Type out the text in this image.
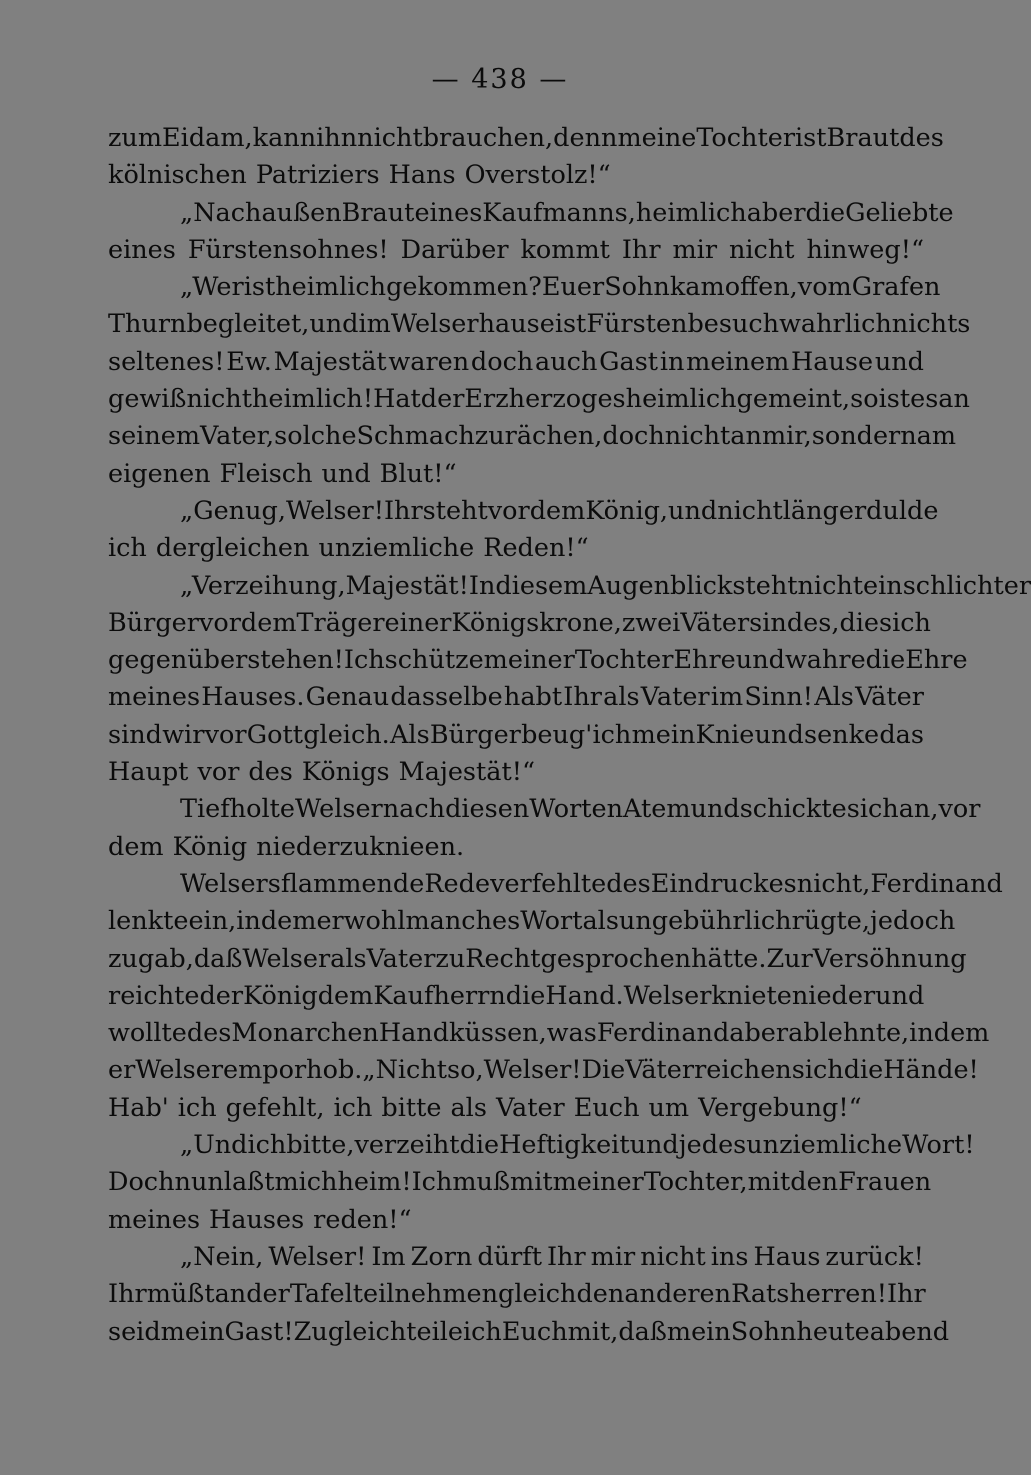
— 438 —
zum Eidam, kann ihn nicht brauchen, denn meine Tochter ist Braut des
kölnischen Patriziers Hans Overstolz!“
„Nach außen Braut eines Kaufmanns, heimlich aber die Geliebte
eines Fürstensohnes! Darüber kommt Ihr mir nicht hinweg!“
„Wer ist heimlich gekommen? Euer Sohn kam offen, vom Grafen
Thurn begleitet, und im Welserhause ist Fürstenbesuch wahrlich nichts
seltenes! Ew. Majestät waren doch auch Gast in meinem Hause und
gewiß nicht heimlich! Hat der Erzherzog es heimlich gemeint, so ist es an
seinem Vater, solche Schmach zu rächen, doch nicht an mir, sondern am
eigenen Fleisch und Blut!“
„Genug, Welser! Ihr steht vor dem König, und nicht länger dulde
ich dergleichen unziemliche Reden!“
„Verzeihung, Majestät! In diesem Augenblick steht nicht ein schlichter
Bürger vor dem Träger einer Königskrone, zwei Väter sind es, die sich
gegenüberstehen! Ich schütze meiner Tochter Ehre und wahre die Ehre
meines Hauses. Genau dasselbe habt Ihr als Vater im Sinn! Als Väter
sind wir vor Gott gleich. Als Bürger beug' ich mein Knie und senke das
Haupt vor des Königs Majestät!“
Tief holte Welser nach diesen Worten Atem und schickte sich an, vor
dem König niederzuknieen.
Welsers flammende Rede verfehlte des Eindruckes nicht, Ferdinand
lenkte ein, indem er wohl manches Wort als ungebührlich rügte, jedoch
zugab, daß Welser als Vater zu Recht gesprochen hätte. Zur Versöhnung
reichte der König dem Kaufherrn die Hand. Welser kniete nieder und
wollte des Monarchen Hand küssen, was Ferdinand aber ablehnte, indem
er Welser emporhob. „Nicht so, Welser! Die Väter reichen sich die Hände!
Hab' ich gefehlt, ich bitte als Vater Euch um Vergebung!“
„Und ich bitte, verzeiht die Heftigkeit und jedes unziemliche Wort!
Doch nun laßt mich heim! Ich muß mit meiner Tochter, mit den Frauen
meines Hauses reden!“
„Nein, Welser! Im Zorn dürft Ihr mir nicht ins Haus zurück!
Ihr müßt an der Tafel teilnehmen gleich den anderen Ratsherren! Ihr
seid mein Gast! Zugleich teile ich Euch mit, daß mein Sohn heute abend
